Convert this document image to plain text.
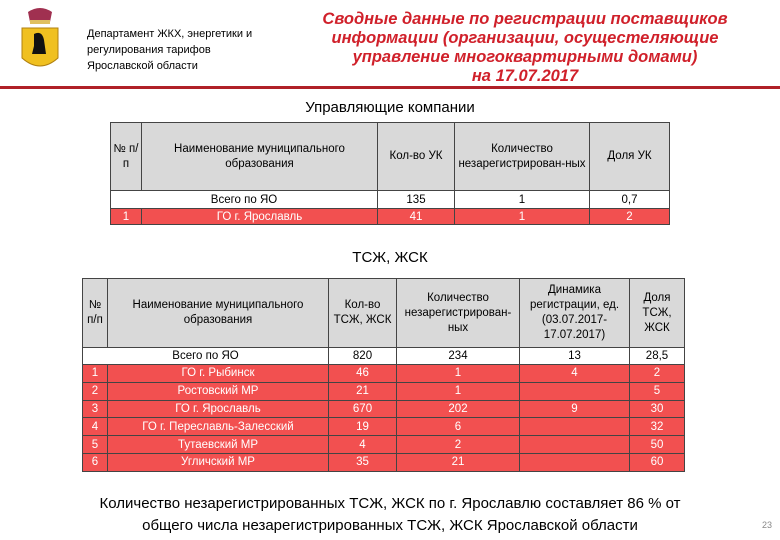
Департамент ЖКХ, энергетики и
регулирования тарифов
Ярославской области
Сводные данные по регистрации поставщиков
информации (организации, осущестеляющие
управление многоквартирными домами)
на 17.07.2017
Управляющие компании
№ п/п	Наименование муниципального образования	Кол-во УК	Количество незарегистрирован-ных	Доля УК
Всего по ЯО		135	1	0,7
1	ГО г. Ярославль	41	1	2
ТСЖ, ЖСК
№ п/п	Наименование муниципального образования	Кол-во ТСЖ, ЖСК	Количество незарегистрирован-ных	Динамика регистрации, ед. (03.07.2017-17.07.2017)	Доля ТСЖ, ЖСК
Всего по ЯО		820	234	13	28,5
1	ГО г. Рыбинск	46	1	4	2
2	Ростовский МР	21	1		5
3	ГО г. Ярославль	670	202	9	30
4	ГО г. Переславль-Залесский	19	6		32
5	Тутаевский МР	4	2		50
6	Угличский МР	35	21		60
Количество незарегистрированных ТСЖ, ЖСК по г. Ярославлю составляет 86 % от
общего числа незарегистрированных ТСЖ, ЖСК Ярославской области	23
